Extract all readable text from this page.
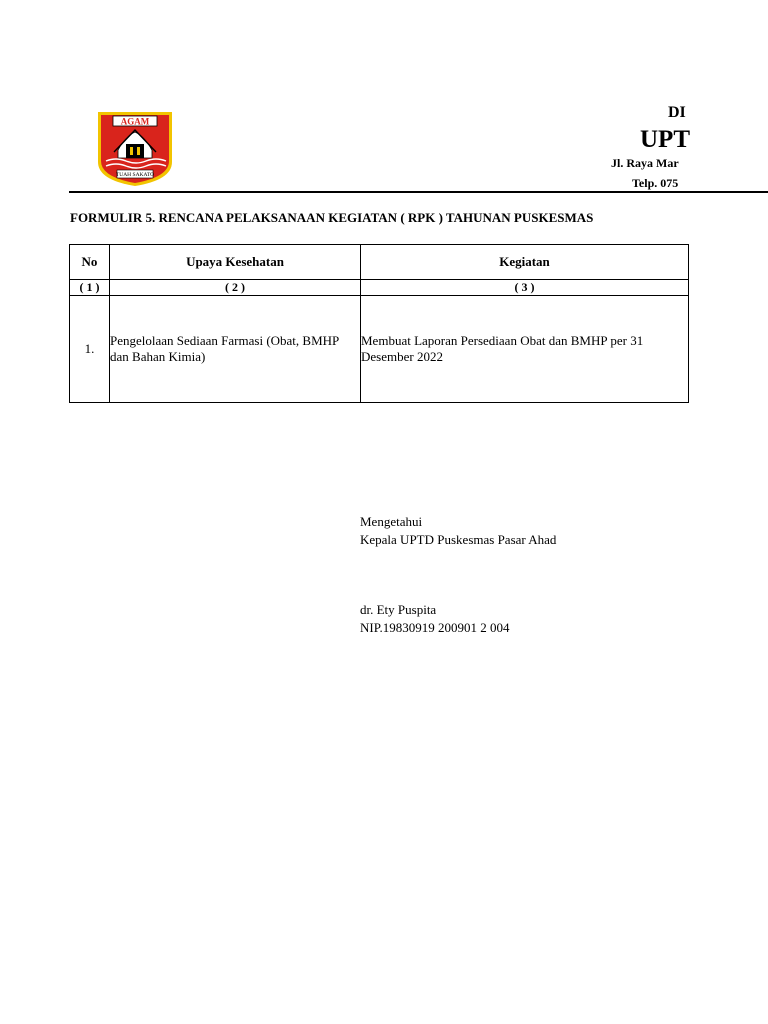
AGAM
TUAH SAKATO
DI
UPT
Jl. Raya Mar
Telp. 075
FORMULIR 5. RENCANA PELAKSANAAN KEGIATAN ( RPK ) TAHUNAN PUSKESMAS
No	Upaya Kesehatan	Kegiatan
( 1 )	( 2 )	( 3 )
1.	Pengelolaan Sediaan Farmasi (Obat, BMHP dan Bahan Kimia)	Membuat Laporan Persediaan Obat dan BMHP per 31 Desember 2022
Mengetahui
Kepala UPTD Puskesmas Pasar Ahad
dr. Ety Puspita
NIP.19830919 200901 2 004
